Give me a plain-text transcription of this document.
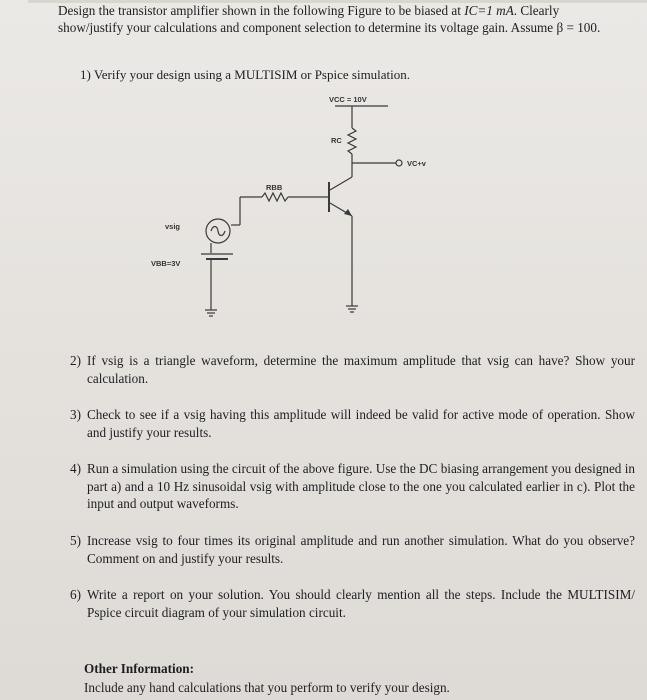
Design the transistor amplifier shown in the following Figure to be biased at IC=1 mA. Clearly
show/justify your calculations and component selection to determine its voltage gain. Assume β = 100.
1) Verify your design using a MULTISIM or Pspice simulation.
VCC = 10V
RC
VC+v
RBB
vsig
VBB=3V
2) If vsig is a triangle waveform, determine the maximum amplitude that vsig can have? Show your calculation.
3) Check to see if a vsig having this amplitude will indeed be valid for active mode of operation. Show and justify your results.
4) Run a simulation using the circuit of the above figure. Use the DC biasing arrangement you designed in part a) and a 10 Hz sinusoidal vsig with amplitude close to the one you calculated earlier in c). Plot the input and output waveforms.
5) Increase vsig to four times its original amplitude and run another simulation. What do you observe? Comment on and justify your results.
6) Write a report on your solution. You should clearly mention all the steps. Include the MULTISIM/ Pspice circuit diagram of your simulation circuit.
Other Information:
Include any hand calculations that you perform to verify your design.
